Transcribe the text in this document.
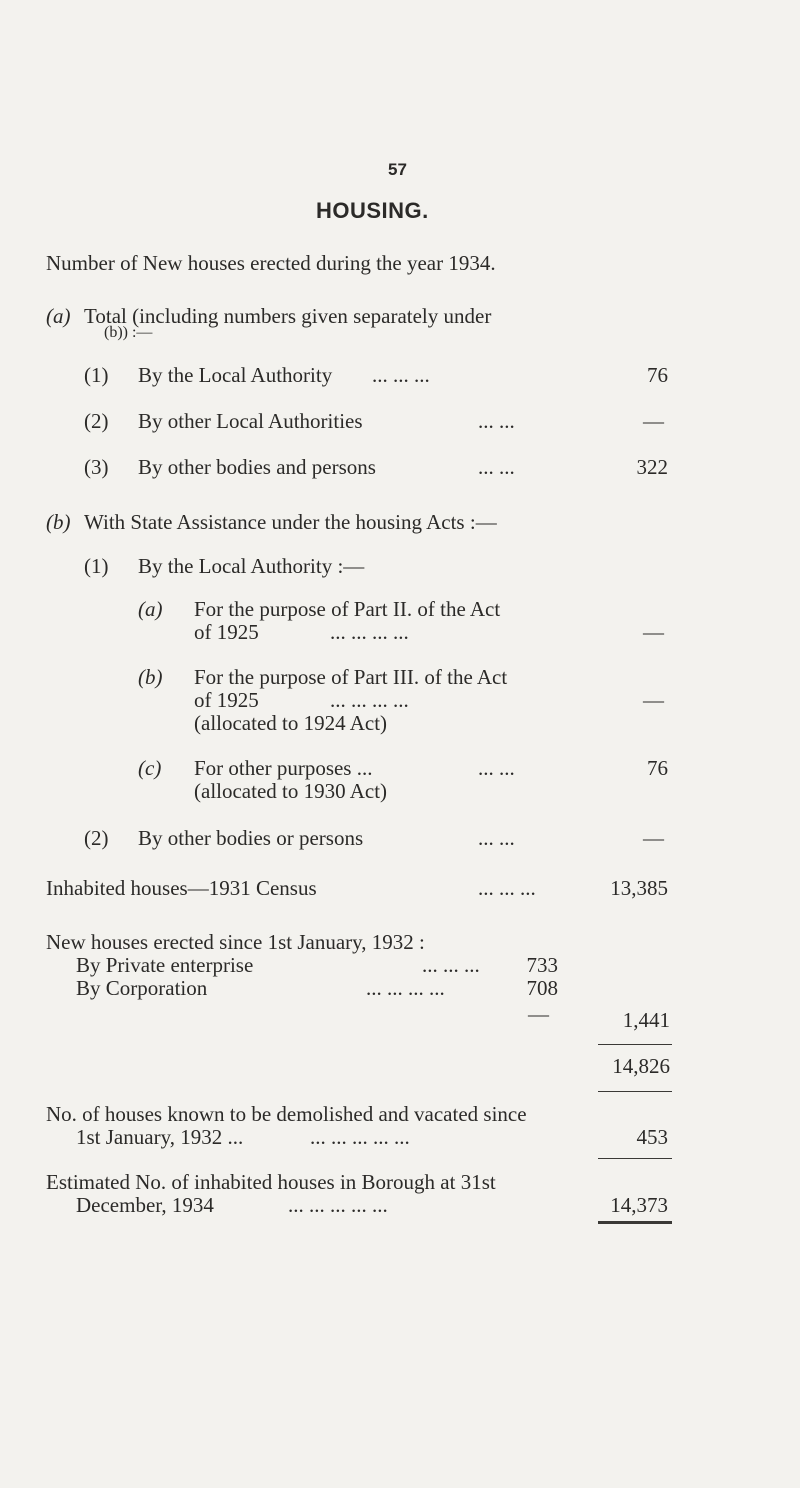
57
HOUSING.
Number of New houses erected during the year 1934.
(a) Total (including numbers given separately under
(b)) :—
(1) By the Local Authority ... ... ...	76
(2) By other Local Authorities	... ...	—
(3) By other bodies and persons	... ...	322
(b) With State Assistance under the housing Acts :—
(1) By the Local Authority :—
(a) For the purpose of Part II. of the Act
of 1925	... ... ... ...	—
(b) For the purpose of Part III. of the Act
of 1925	... ... ... ...	—
(allocated to 1924 Act)
(c) For other purposes ...	... ...	76
(allocated to 1930 Act)
(2) By other bodies or persons	... ...	—
Inhabited houses—1931 Census	... ... ...	13,385
New houses erected since 1st January, 1932 :
By Private enterprise	... ... ... 733
By Corporation	... ... ... ...	708
—	1,441
14,826
No. of houses known to be demolished and vacated since
1st January, 1932 ...	... ... ... ... ...	453
Estimated No. of inhabited houses in Borough at 31st
December, 1934	... ... ... ... ...	14,373
